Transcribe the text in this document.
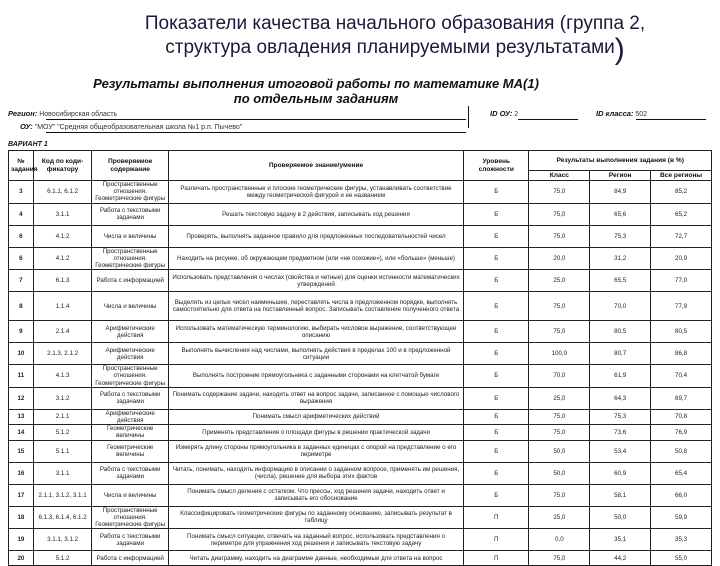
Показатели качества начального образования (группа 2,
структура овладения планируемыми результатами)
Результаты выполнения итоговой работы по математике МА(1)
по отдельным заданиям
Регион: Новосибирская область
ОУ: "МОУ" "Средняя общеобразовательная школа №1 р.п. Пычево"
ID ОУ: 2	ID класса: 502
ВАРИАНТ 1
№ задания	Код по коди-фикатору	Проверяемое содержание	Проверяемое знание/умение	Уровень сложности	Результаты выполнения задания (в %)		
					Класс	Регион	Все регионы
3	6.1.1, 6.1.2	Пространственные отношения. Геометрические фигуры	Различать пространственные и плоские геометрические фигуры, устанавливать соответствие между геометрической фигурой и ее названием	Б	75,0	84,9	85,2
4	3.1.1	Работа с текстовыми задачами	Решать текстовую задачу в 2 действия, записывать ход решения	Б	75,0	65,6	65,2
6	4.1.2	Числа и величины	Проверять, выполнять заданное правило для предложенных последовательностей чисел	Б	75,0	75,3	72,7
6	4.1.2	Пространственные отношения. Геометрические фигуры	Находить на рисунке, об окружающем предметном (или «не похожие»), или «больше» (меньше)	Б	20,0	31,2	20,9
7	6.1.3	Работа с информацией	Использовать представления о числах (свойства и четные) для оценки истинности математических утверждений	Б	25,0	65,5	77,0
8	1.1.4	Числа и величины	Выделять из целых чисел наименьшее, переставлять числа в предложенном порядке, выполнять самостоятельно для ответа на поставленный вопрос. Записывать составление полученного ответа	Б	75,0	70,0	77,9
9	2.1.4	Арифметические действия	Использовать математическую терминологию, выбирать числовое выражение, соответствующее описанию	Б	75,0	80,5	80,5
10	2.1.3, 2.1.2	Арифметические действия	Выполнять вычисления над числами, выполнять действия в пределах 100 и в предложенной ситуации	Б	100,0	80,7	86,8
11	4.1.3	Пространственные отношения. Геометрические фигуры	Выполнять построение прямоугольника с заданными сторонами на клетчатой бумаге	Б	70,0	61,9	70,4
12	3.1.2	Работа с текстовыми задачами	Понимать содержание задачи, находить ответ на вопрос задачи, записанное с помощью числового выражения	Б	25,0	64,3	69,7
13	2.1.1	Арифметические действия	Понимать смысл арифметических действий	Б	75,0	75,3	70,8
14	5.1.2	Геометрические величины	Применять представления о площади фигуры в решении практической задачи	Б	75,0	73,6	76,9
15	5.1.1	Геометрические величины	Измерять длину стороны прямоугольника в заданных единицах с опорой на представление о его периметре	Б	50,0	53,4	50,8
16	3.1.1	Работа с текстовыми задачами	Читать, понимать, находить информацию в описании о заданном вопросе, применять им решения, (числа), решение для выбора этих фактов	Б	50,0	60,9	65,4
17	2.1.1, 3.1.2, 3.1.1	Числа и величины	Понимать смысл деления с остатком. Что прессы, ход решения задачи, находить ответ и записывать его обоснование	Б	75,0	58,1	66,0
18	6.1.3, 6.1.4, 6.1.2	Пространственные отношения. Геометрические фигуры	Классифицировать геометрические фигуры по заданному основанию, записывать результат в таблицу	П	25,0	50,0	59,9
19	3.1.1, 3.1.2	Работа с текстовыми задачами	Понимать смысл ситуации, отвечать на заданный вопрос, использовать представления о периметре для упражнения ход решения и записывать текстовую задачу	П	0,0	35,1	35,3
20	5.1.2	Работа с информацией	Читать диаграмму, находить на диаграмме данные, необходимые для ответа на вопрос	П	75,0	44,2	55,0
